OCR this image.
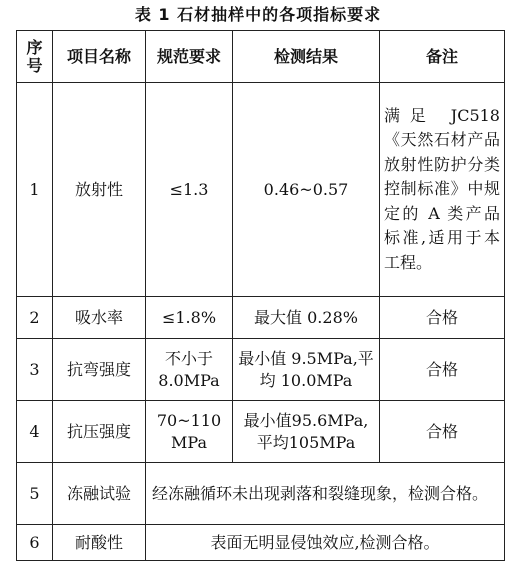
表 1 石材抽样中的各项指标要求
序号	项目名称	规范要求	检测结果	备注
1	放射性	≤1.3	0.46~0.57	满足 JC518《天然石材产品放射性防护分类控制标准》中规定的 A 类产品标准,适用于本工程。
2	吸水率	≤1.8%	最大值 0.28%	合格
3	抗弯强度	不小于8.0MPa	最小值 9.5MPa,平均 10.0MPa	合格
4	抗压强度	70~110 MPa	最小值95.6MPa,平均105MPa	合格
5	冻融试验	经冻融循环未出现剥落和裂缝现象，检测合格。		
6	耐酸性	表面无明显侵蚀效应,检测合格。		
